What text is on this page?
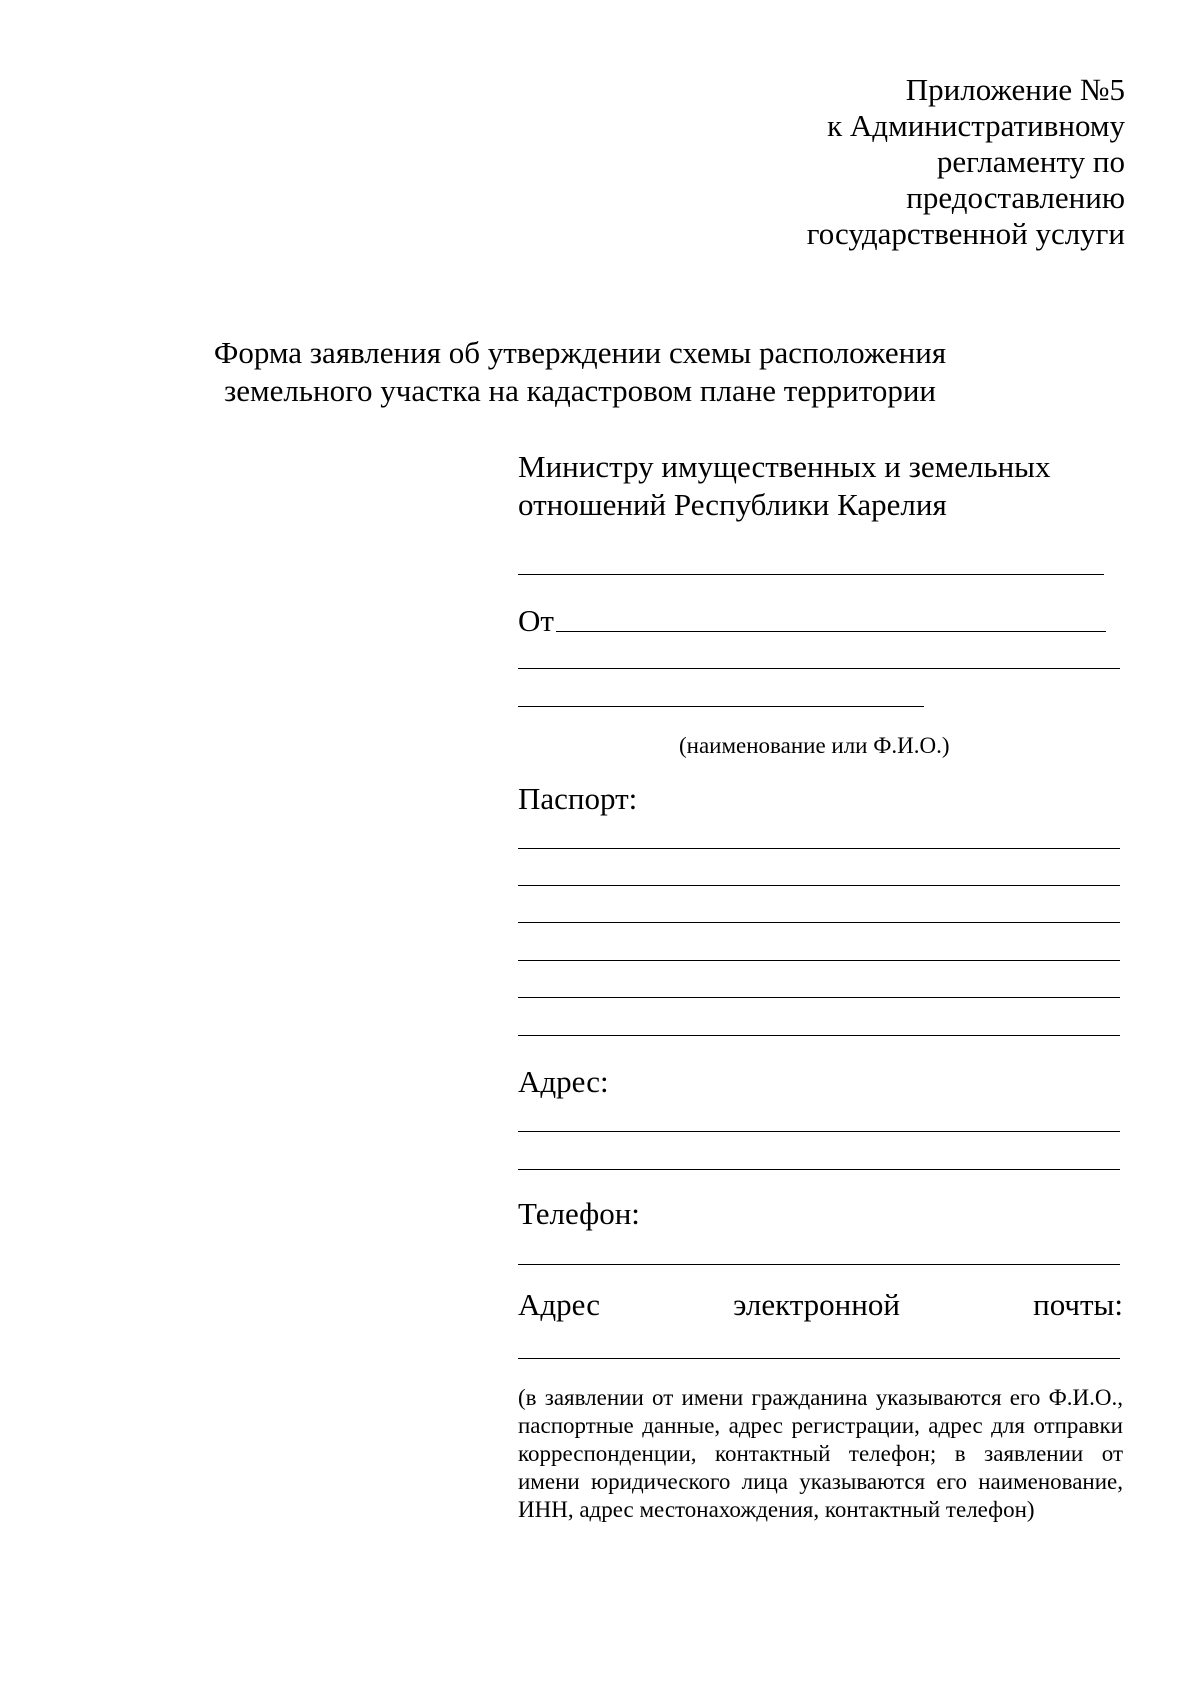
Приложение №5
к Административному
регламенту по
предоставлению
государственной услуги
Форма заявления об утверждении схемы расположения
земельного участка на кадастровом плане территории
Министру имущественных и земельных
отношений Республики Карелия
От
(наименование или Ф.И.О.)
Паспорт:
Адрес:
Телефон:
Адрес	электронной	почты:
(в заявлении от имени гражданина указываются его Ф.И.О., паспортные данные, адрес регистрации, адрес для отправки корреспонденции, контактный телефон; в заявлении от имени юридического лица указываются его наименование, ИНН, адрес местонахождения, контактный телефон)
